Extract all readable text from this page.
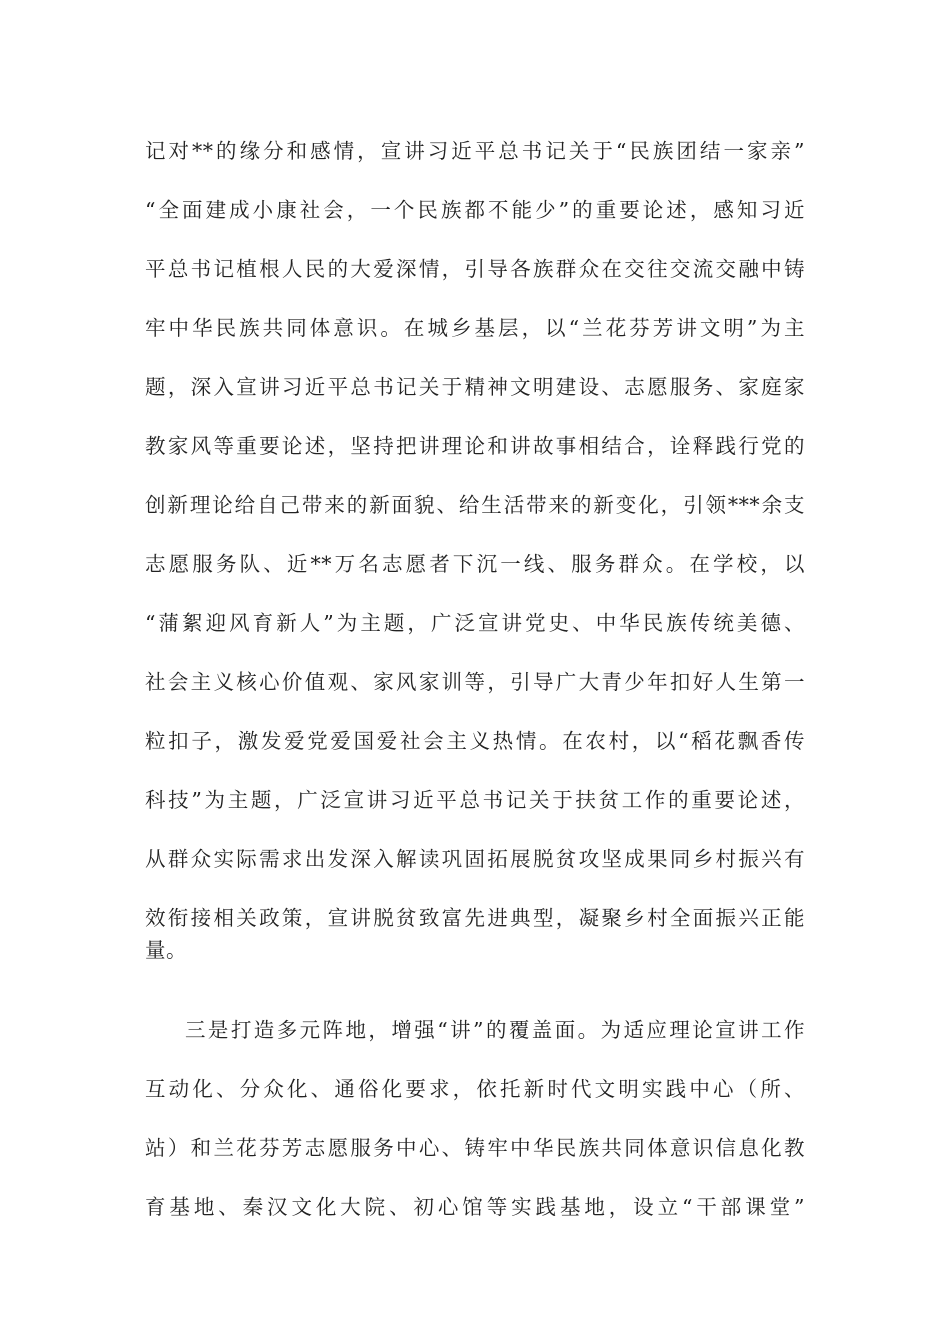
记对**的缘分和感情，宣讲习近平总书记关于“民族团结一家亲”
“全面建成小康社会，一个民族都不能少”的重要论述，感知习近
平总书记植根人民的大爱深情，引导各族群众在交往交流交融中铸
牢中华民族共同体意识。在城乡基层，以“兰花芬芳讲文明”为主
题，深入宣讲习近平总书记关于精神文明建设、志愿服务、家庭家
教家风等重要论述，坚持把讲理论和讲故事相结合，诠释践行党的
创新理论给自己带来的新面貌、给生活带来的新变化，引领***余支
志愿服务队、近**万名志愿者下沉一线、服务群众。在学校，以
“蒲絮迎风育新人”为主题，广泛宣讲党史、中华民族传统美德、
社会主义核心价值观、家风家训等，引导广大青少年扣好人生第一
粒扣子，激发爱党爱国爱社会主义热情。在农村，以“稻花飘香传
科技”为主题，广泛宣讲习近平总书记关于扶贫工作的重要论述，
从群众实际需求出发深入解读巩固拓展脱贫攻坚成果同乡村振兴有
效衔接相关政策，宣讲脱贫致富先进典型，凝聚乡村全面振兴正能
量。
三是打造多元阵地，增强“讲”的覆盖面。为适应理论宣讲工作
互动化、分众化、通俗化要求，依托新时代文明实践中心（所、
站）和兰花芬芳志愿服务中心、铸牢中华民族共同体意识信息化教
育基地、秦汉文化大院、初心馆等实践基地，设立“干部课堂”
